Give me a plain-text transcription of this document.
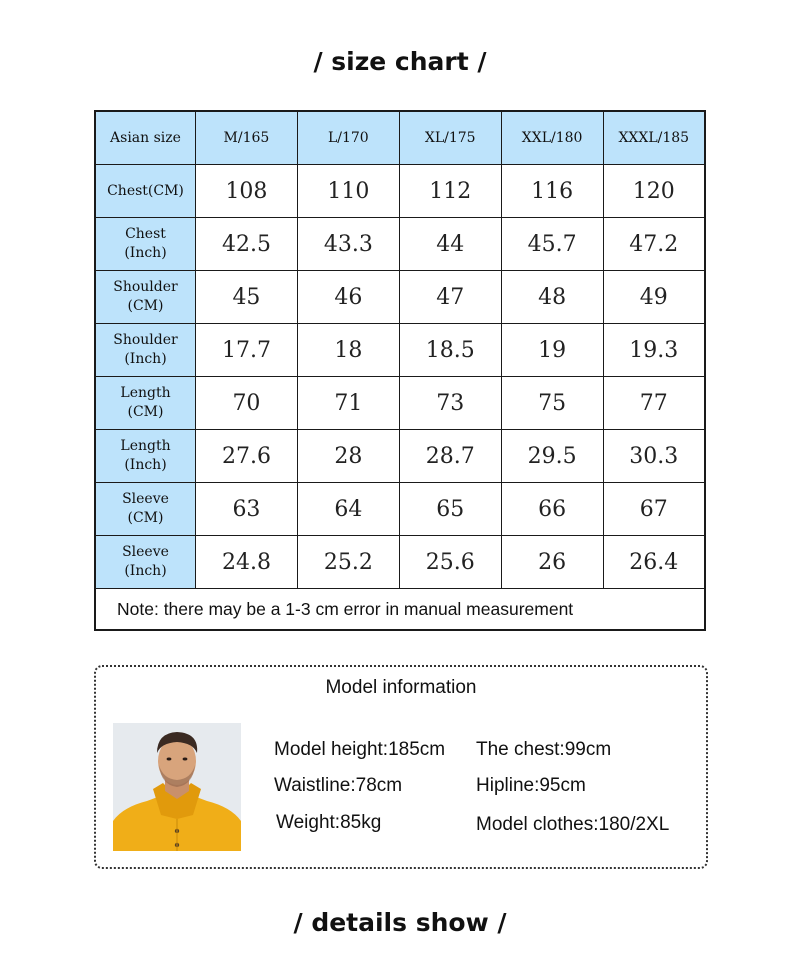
/ size chart /
Asian size	M/165	L/170	XL/175	XXL/180	XXXL/185
Chest(CM)	108	110	112	116	120
Chest
(Inch)	42.5	43.3	44	45.7	47.2
Shoulder
(CM)	45	46	47	48	49
Shoulder
(Inch)	17.7	18	18.5	19	19.3
Length
(CM)	70	71	73	75	77
Length
(Inch)	27.6	28	28.7	29.5	30.3
Sleeve
(CM)	63	64	65	66	67
Sleeve
(Inch)	24.8	25.2	25.6	26	26.4
Note: there may be a 1-3 cm error in manual measurement					
Model information
Model height:185cm The chest:99cm
Waistline:78cm	Hipline:95cm
Weight:85kg	Model clothes:180/2XL
/ details show /
